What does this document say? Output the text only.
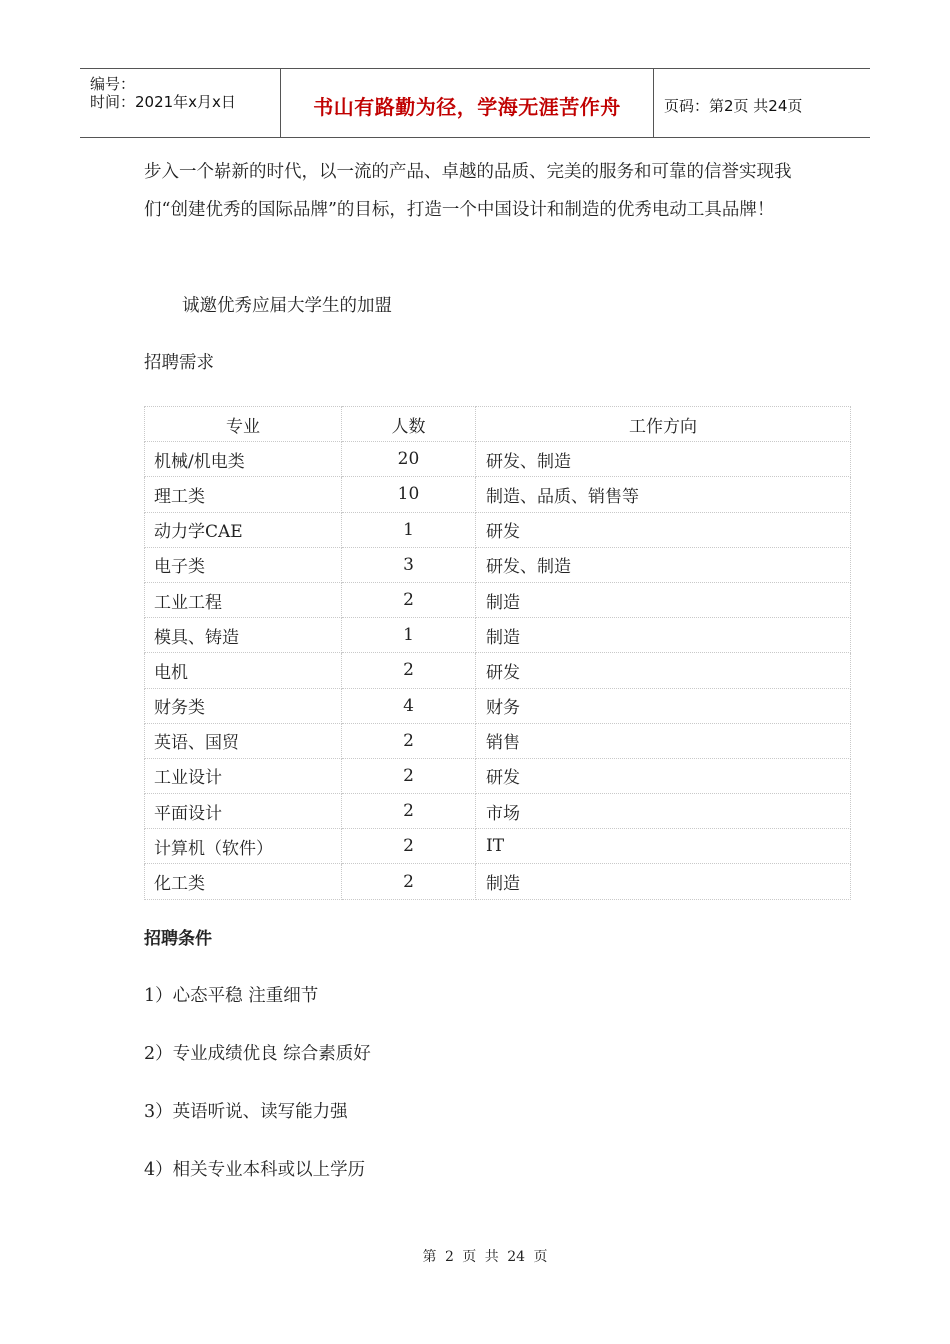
编号：
时间：2021年x月x日	书山有路勤为径，学海无涯苦作舟	页码：第2页 共24页
步入一个崭新的时代，以一流的产品、卓越的品质、完美的服务和可靠的信誉实现我们“创建优秀的国际品牌”的目标，打造一个中国设计和制造的优秀电动工具品牌！
诚邀优秀应届大学生的加盟
招聘需求
专业	人数	工作方向
机械/机电类	20	研发、制造
理工类	10	制造、品质、销售等
动力学CAE	1	研发
电子类	3	研发、制造
工业工程	2	制造
模具、铸造	1	制造
电机	2	研发
财务类	4	财务
英语、国贸	2	销售
工业设计	2	研发
平面设计	2	市场
计算机（软件）	2	IT
化工类	2	制造
招聘条件
1）心态平稳 注重细节
2）专业成绩优良 综合素质好
3）英语听说、读写能力强
4）相关专业本科或以上学历
第 2 页 共 24 页
